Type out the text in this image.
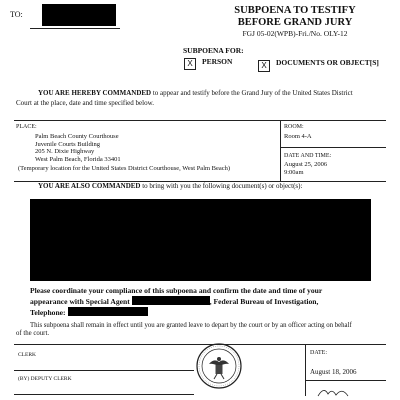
TO:	SUBPOENA TO TESTIFY
BEFORE GRAND JURY
FGJ 05-02(WPB)-Fri./No. OLY-12
SUBPOENA FOR:
X	PERSON	X	DOCUMENTS OR OBJECT[S]
YOU ARE HEREBY COMMANDED to appear and testify before the Grand Jury of the United States District
Court at the place, date and time specified below.
PLACE:
Palm Beach County Courthouse
Juvenile Courts Building
205 N. Dixie Highway
West Palm Beach, Florida 33401
(Temporary location for the United States District Courthouse, West Palm Beach)
ROOM:
Room 4-A
DATE AND TIME:
August 25, 2006
9:00am
YOU ARE ALSO COMMANDED to bring with you the following document(s) or object(s):
Please coordinate your compliance of this subpoena and confirm the date and time of your
appearance with Special Agent	, Federal Bureau of Investigation,
Telephone:
This subpoena shall remain in effect until you are granted leave to depart by the court or by an officer acting on behalf
of the court.
CLERK
(BY) DEPUTY CLERK
DATE:
August 18, 2006
